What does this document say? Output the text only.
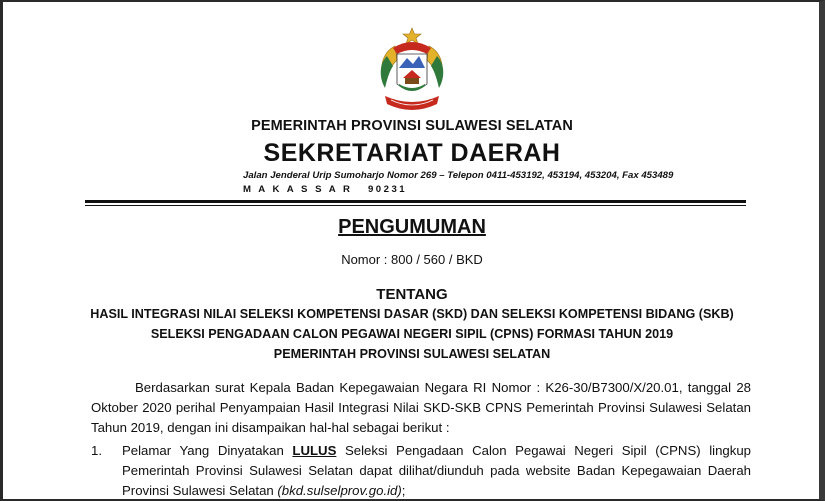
PEMERINTAH PROVINSI SULAWESI SELATAN
SEKRETARIAT DAERAH
Jalan Jenderal Urip Sumoharjo Nomor 269 – Telepon 0411-453192, 453194, 453204, Fax 453489
M A K A S S A R   90231
PENGUMUMAN
Nomor : 800 / 560 / BKD
TENTANG
HASIL INTEGRASI NILAI SELEKSI KOMPETENSI DASAR (SKD) DAN SELEKSI KOMPETENSI BIDANG (SKB)
SELEKSI PENGADAAN CALON PEGAWAI NEGERI SIPIL (CPNS) FORMASI TAHUN 2019
PEMERINTAH PROVINSI SULAWESI SELATAN
Berdasarkan surat Kepala Badan Kepegawaian Negara RI Nomor : K26-30/B7300/X/20.01, tanggal 28 Oktober 2020 perihal Penyampaian Hasil Integrasi Nilai SKD-SKB CPNS Pemerintah Provinsi Sulawesi Selatan Tahun 2019, dengan ini disampaikan hal-hal sebagai berikut :
1.	Pelamar Yang Dinyatakan LULUS Seleksi Pengadaan Calon Pegawai Negeri Sipil (CPNS) lingkup Pemerintah Provinsi Sulawesi Selatan dapat dilihat/diunduh pada website Badan Kepegawaian Daerah Provinsi Sulawesi Selatan (bkd.sulselprov.go.id);
